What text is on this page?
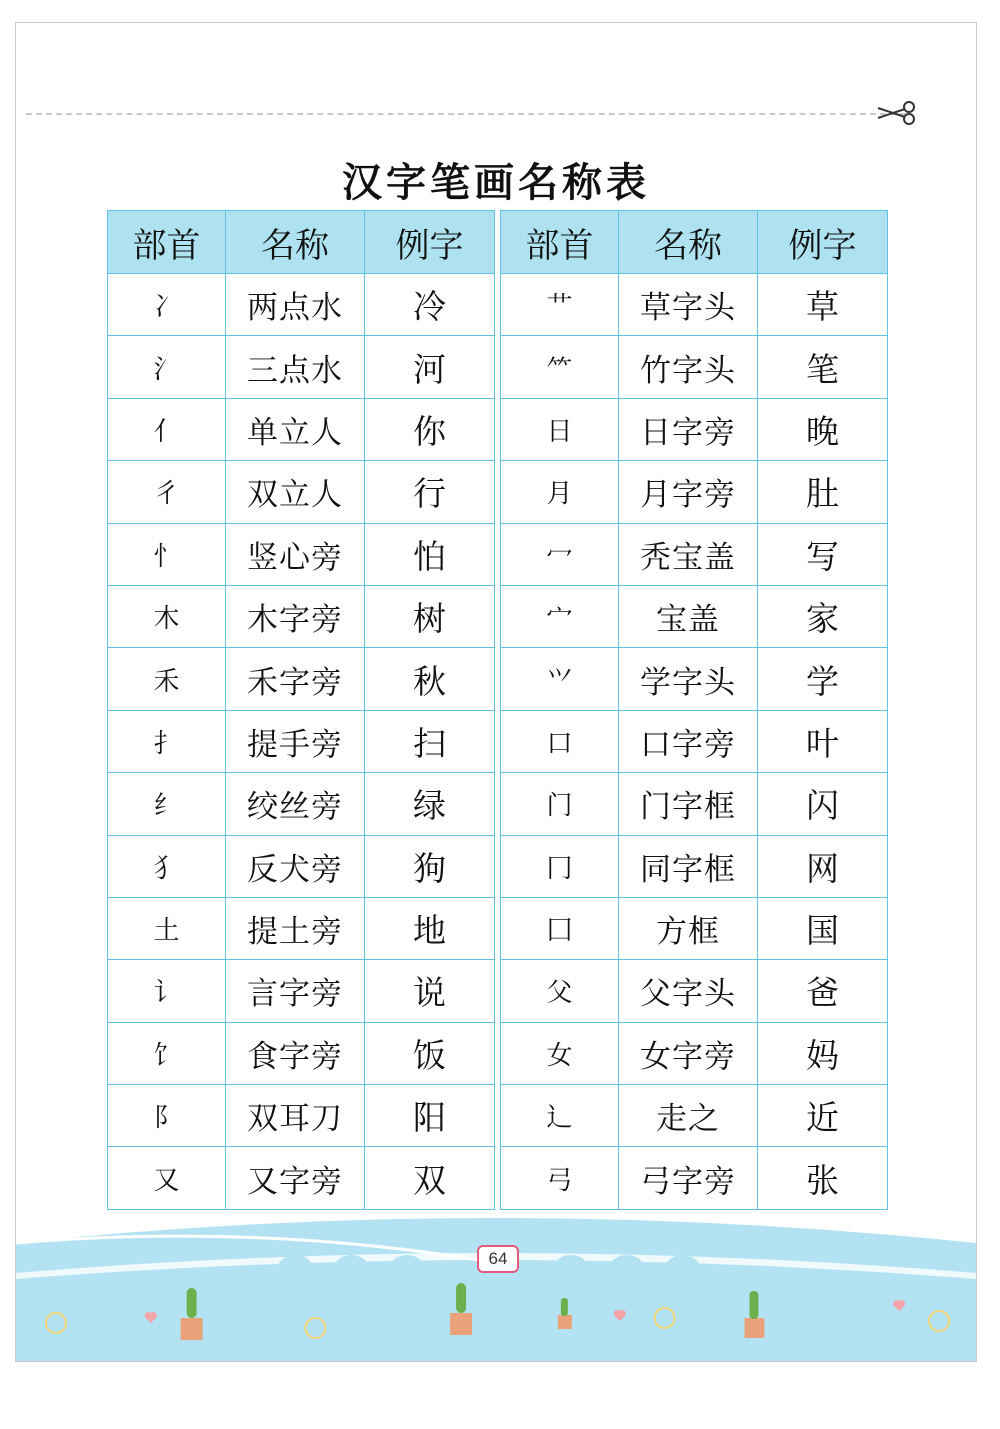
汉字笔画名称表
部首	名称	例字
冫	两点水	冷
氵	三点水	河
亻	单立人	你
彳	双立人	行
忄	竖心旁	怕
木	木字旁	树
禾	禾字旁	秋
扌	提手旁	扫
纟	绞丝旁	绿
犭	反犬旁	狗
土	提土旁	地
讠	言字旁	说
饣	食字旁	饭
阝	双耳刀	阳
又	又字旁	双
部首	名称	例字
艹	草字头	草
⺮	竹字头	笔
日	日字旁	晚
月	月字旁	肚
冖	秃宝盖	写
宀	宝盖	家
⺍	学字头	学
口	口字旁	叶
门	门字框	闪
冂	同字框	网
囗	方框	国
父	父字头	爸
女	女字旁	妈
辶	走之	近
弓	弓字旁	张
64
